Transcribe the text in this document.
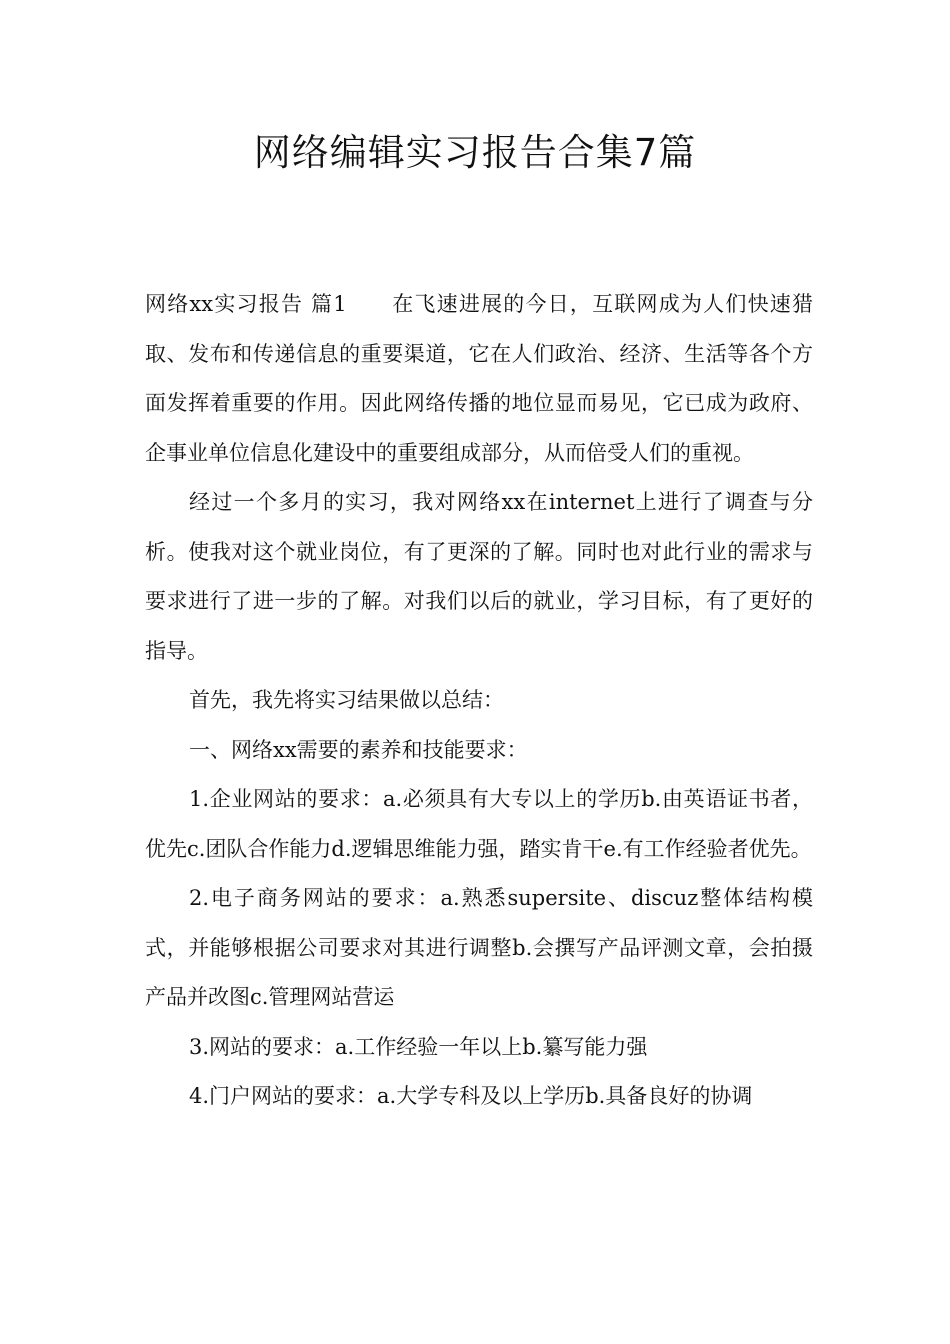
网络编辑实习报告合集7篇

网络xx实习报告 篇1　　在飞速进展的今日，互联网成为人们快速猎取、发布和传递信息的重要渠道，它在人们政治、经济、生活等各个方面发挥着重要的作用。因此网络传播的地位显而易见，它已成为政府、企事业单位信息化建设中的重要组成部分，从而倍受人们的重视。

经过一个多月的实习，我对网络xx在internet上进行了调查与分析。使我对这个就业岗位，有了更深的了解。同时也对此行业的需求与要求进行了进一步的了解。对我们以后的就业，学习目标，有了更好的指导。

首先，我先将实习结果做以总结：

一、网络xx需要的素养和技能要求：

1.企业网站的要求：a.必须具有大专以上的学历b.由英语证书者，优先c.团队合作能力d.逻辑思维能力强，踏实肯干e.有工作经验者优先。

2.电子商务网站的要求：a.熟悉supersite、discuz整体结构模式，并能够根据公司要求对其进行调整b.会撰写产品评测文章，会拍摄产品并改图c.管理网站营运

3.网站的要求：a.工作经验一年以上b.纂写能力强

4.门户网站的要求：a.大学专科及以上学历b.具备良好的协调
